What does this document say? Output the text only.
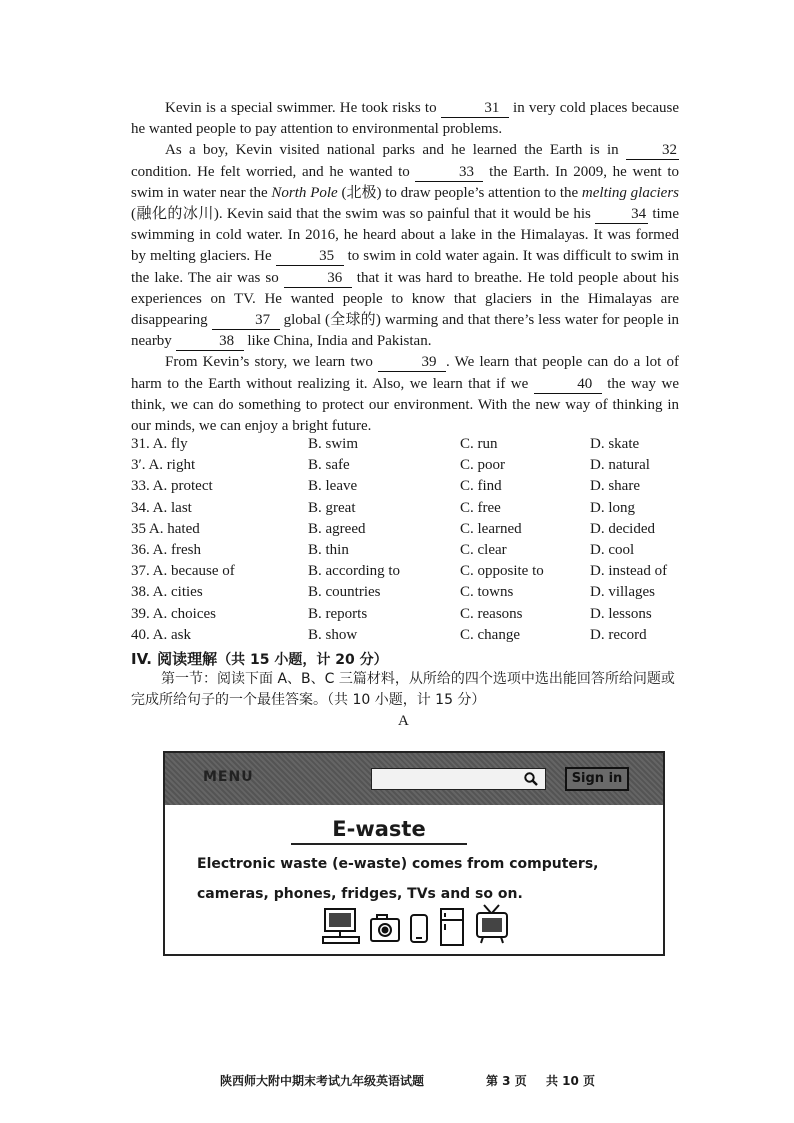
Kevin is a special swimmer. He took risks to	31 in very cold places because he wanted people to pay attention to environmental problems.

As a boy, Kevin visited national parks and he learned the Earth is in 32 condition. He felt worried, and he wanted to	33 the Earth. In 2009, he went to swim in water near the North Pole (北极) to draw people’s attention to the melting glaciers (融化的冰川). Kevin said that the swim was so painful that it would be his 34 time swimming in cold water. In 2016, he heard about a lake in the Himalayas. It was formed by melting glaciers. He	35 to swim in cold water again. It was difficult to swim in the lake. The air was so	36 that it was hard to breathe. He told people about his experiences on TV. He wanted people to know that glaciers in the Himalayas are disappearing	37 global (全球的) warming and that there’s less water for people in nearby	38 like China, India and Pakistan.

From Kevin’s story, we learn two	39 . We learn that people can do a lot of harm to the Earth without realizing it. Also, we learn that if we	40 the way we think, we can do something to protect our environment. With the new way of thinking in our minds, we can enjoy a bright future.

31. A. fly	B. swim	C. run	D. skate
3′. A. right	B. safe	C. poor	D. natural
33. A. protect	B. leave	C. find	D. share
34. A. last	B. great	C. free	D. long
35 A. hated	B. agreed	C. learned	D. decided
36. A. fresh	B. thin	C. clear	D. cool
37. A. because of	B. according to	C. opposite to	D. instead of
38. A. cities	B. countries	C. towns	D. villages
39. A. choices	B. reports	C. reasons	D. lessons
40. A. ask	B. show	C. change	D. record
IV. 阅读理解（共 15 小题，计 20 分）
第一节：阅读下面 A、B、C 三篇材料，从所给的四个选项中选出能回答所给问题或完成所给句子的一个最佳答案。（共 10 小题，计 15 分）
A
MENU	Sign in
E-waste
Electronic waste (e-waste) comes from computers, cameras, phones, fridges, TVs and so on.
陕西师大附中期末考试九年级英语试题	第 3 页 共 10 页
